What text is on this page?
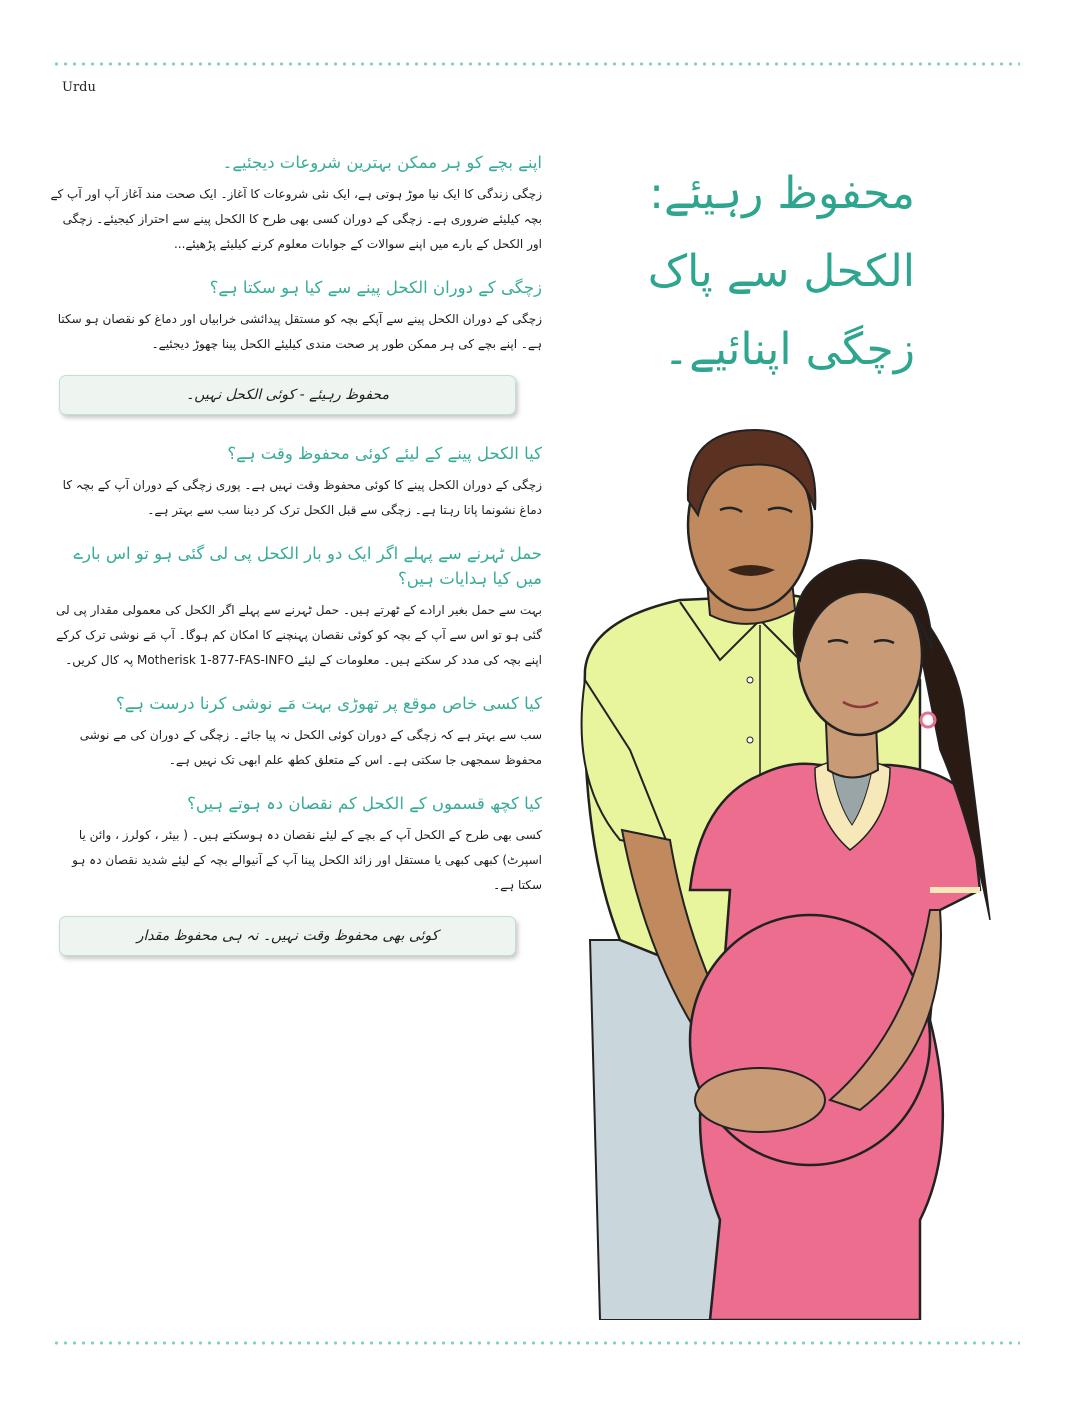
Urdu
اپنے بچے کو ہر ممکن بہترین شروعات دیجئیے۔
زچگی زندگی کا ایک نیا موڑ ہوتی ہے، ایک نئی شروعات کا آغاز۔ ایک صحت مند آغاز آپ اور آپ کے بچہ کیلیئے ضروری ہے۔ زچگی کے دوران کسی بھی طرح کا الکحل پینے سے احتراز کیجیئے۔ زچگی اور الکحل کے بارے میں اپنے سوالات کے جوابات معلوم کرنے کیلیئے پڑھیئے...
زچگی کے دوران الکحل پینے سے کیا ہو سکتا ہے؟
زچگی کے دوران الکحل پینے سے آپکے بچہ کو مستقل پیدائشی خرابیاں اور دماغ کو نقصان ہو سکتا ہے۔ اپنے بچے کی ہر ممکن طور پر صحت مندی کیلیئے الکحل پینا چھوڑ دیجئیے۔
محفوظ رہیئے - کوئی الکحل نہیں۔
کیا الکحل پینے کے لیئے کوئی محفوظ وقت ہے؟
زچگی کے دوران الکحل پینے کا کوئی محفوظ وقت نہیں ہے۔ پوری زچگی کے دوران آپ کے بچہ کا دماغ نشونما پاتا رہتا ہے۔ زچگی سے قبل الکحل ترک کر دینا سب سے بہتر ہے۔
حمل ٹہرنے سے پہلے اگر ایک دو بار الکحل پی لی گئی ہو تو اس بارے میں کیا ہدایات ہیں؟
بہت سے حمل بغیر ارادے کے ٹھرتے ہیں۔ حمل ٹہرنے سے پہلے اگر الکحل کی معمولی مقدار پی لی گئی ہو تو اس سے آپ کے بچہ کو کوئی نقصان پہنچنے کا امکان کم ہوگا۔ آپ مَے نوشی ترک کرکے اپنے بچہ کی مدد کر سکتے ہیں۔ معلومات کے لیئے Motherisk 1-877-FAS-INFO پہ کال کریں۔
کیا کسی خاص موقع پر تھوڑی بہت مَے نوشی کرنا درست ہے؟
سب سے بہتر ہے کہ زچگی کے دوران کوئی الکحل نہ پیا جائے۔ زچگی کے دوران کی مے نوشی محفوظ سمجھی جا سکتی ہے۔ اس کے متعلق کطھ علم ابھی تک نہیں ہے۔
کیا کچھ قسموں کے الکحل کم نقصان دہ ہوتے ہیں؟
کسی بھی طرح کے الکحل آپ کے بچے کے لیئے نقصان دہ ہوسکتے ہیں۔ ( بیئر ، کولرز ، وائن یا اسپرٹ) کبھی کبھی یا مستقل اور زائد الکحل پینا آپ کے آنیوالے بچہ کے لیئے شدید نقصان دہ ہو سکتا ہے۔
کوئی بھی محفوظ وقت نہیں۔ نہ ہی محفوظ مقدار
محفوظ رہیئے:
الکحل سے پاک
زچگی اپنائیے۔
